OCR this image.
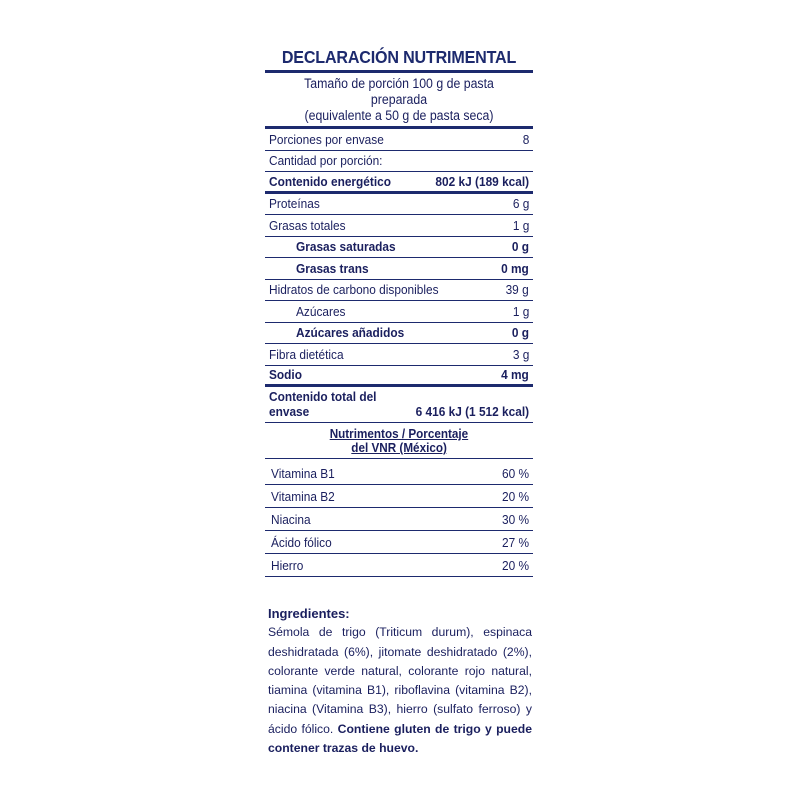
DECLARACIÓN NUTRIMENTAL
Tamaño de porción 100 g de pasta preparada
(equivalente a 50 g de pasta seca)
Porciones por envase	8
Cantidad por porción:
Contenido energético	802 kJ (189 kcal)
Proteínas	6 g
Grasas totales	1 g
Grasas saturadas	0 g
Grasas trans	0 mg
Hidratos de carbono disponibles	39 g
Azúcares	1 g
Azúcares añadidos	0 g
Fibra dietética	3 g
Sodio	4 mg
Contenido total del envase	6 416 kJ (1 512 kcal)
Nutrimentos / Porcentaje
del VNR (México)
Vitamina B1	60 %
Vitamina B2	20 %
Niacina	30 %
Ácido fólico	27 %
Hierro	20 %
Ingredientes:
Sémola de trigo (Triticum durum), espinaca deshidratada (6%), jitomate deshidratado (2%), colorante verde natural, colorante rojo natural, tiamina (vitamina B1), riboflavina (vitamina B2), niacina (Vitamina B3), hierro (sulfato ferroso) y ácido fólico. Contiene gluten de trigo y puede contener trazas de huevo.
